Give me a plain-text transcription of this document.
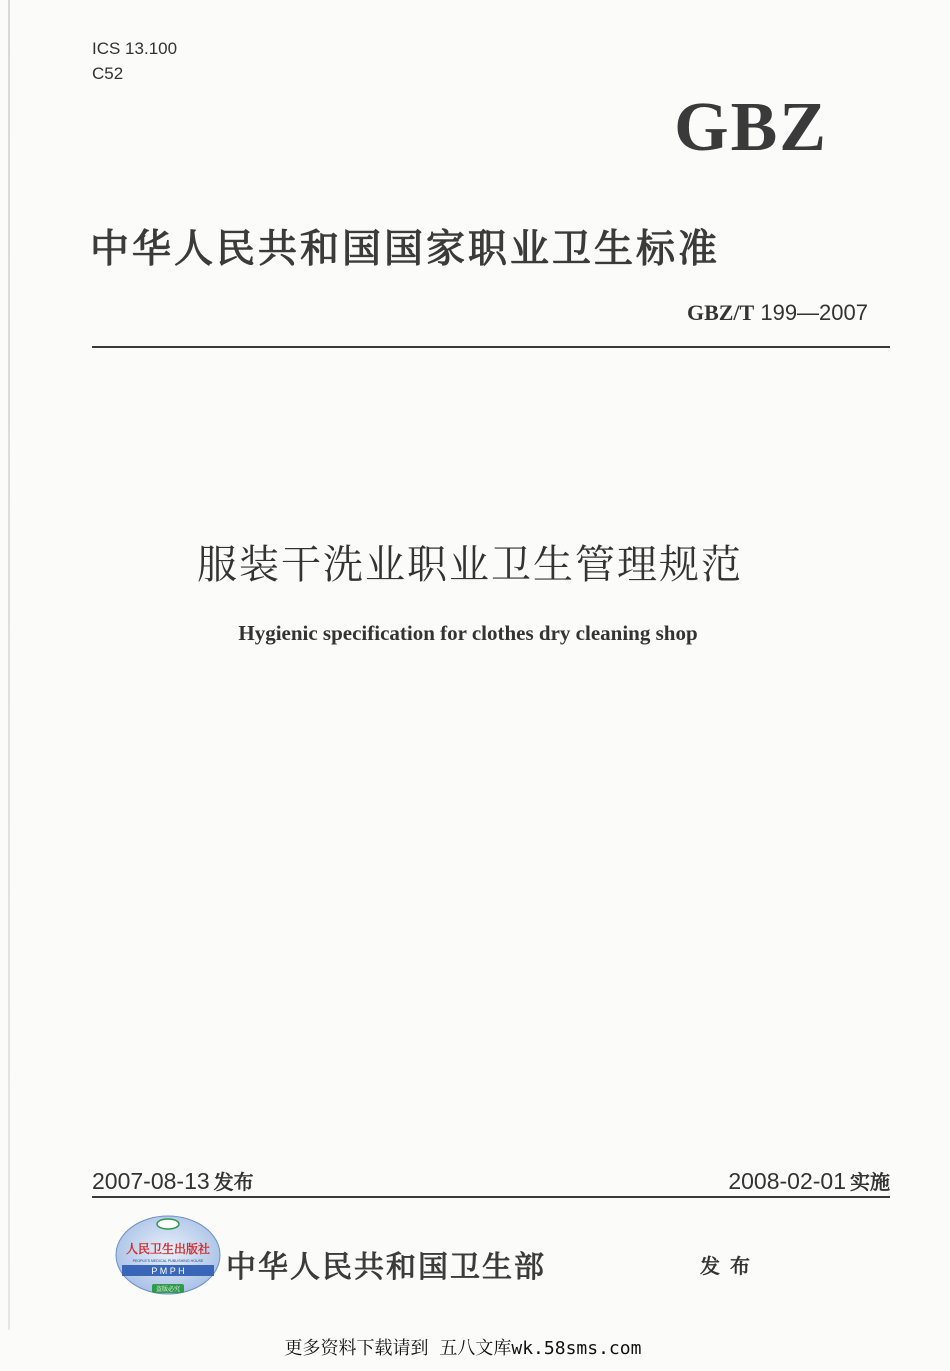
ICS 13.100
C52
GBZ
中华人民共和国国家职业卫生标准
GBZ/T 199—2007
服装干洗业职业卫生管理规范
Hygienic specification for clothes dry cleaning shop
2007-08-13 发布	2008-02-01 实施
人民卫生出版社
PEOPLE'S MEDICAL PUBLISHING HOUSE
P M P H
盗版必究
中华人民共和国卫生部	发布
更多资料下载请到 五八文库wk.58sms.com
